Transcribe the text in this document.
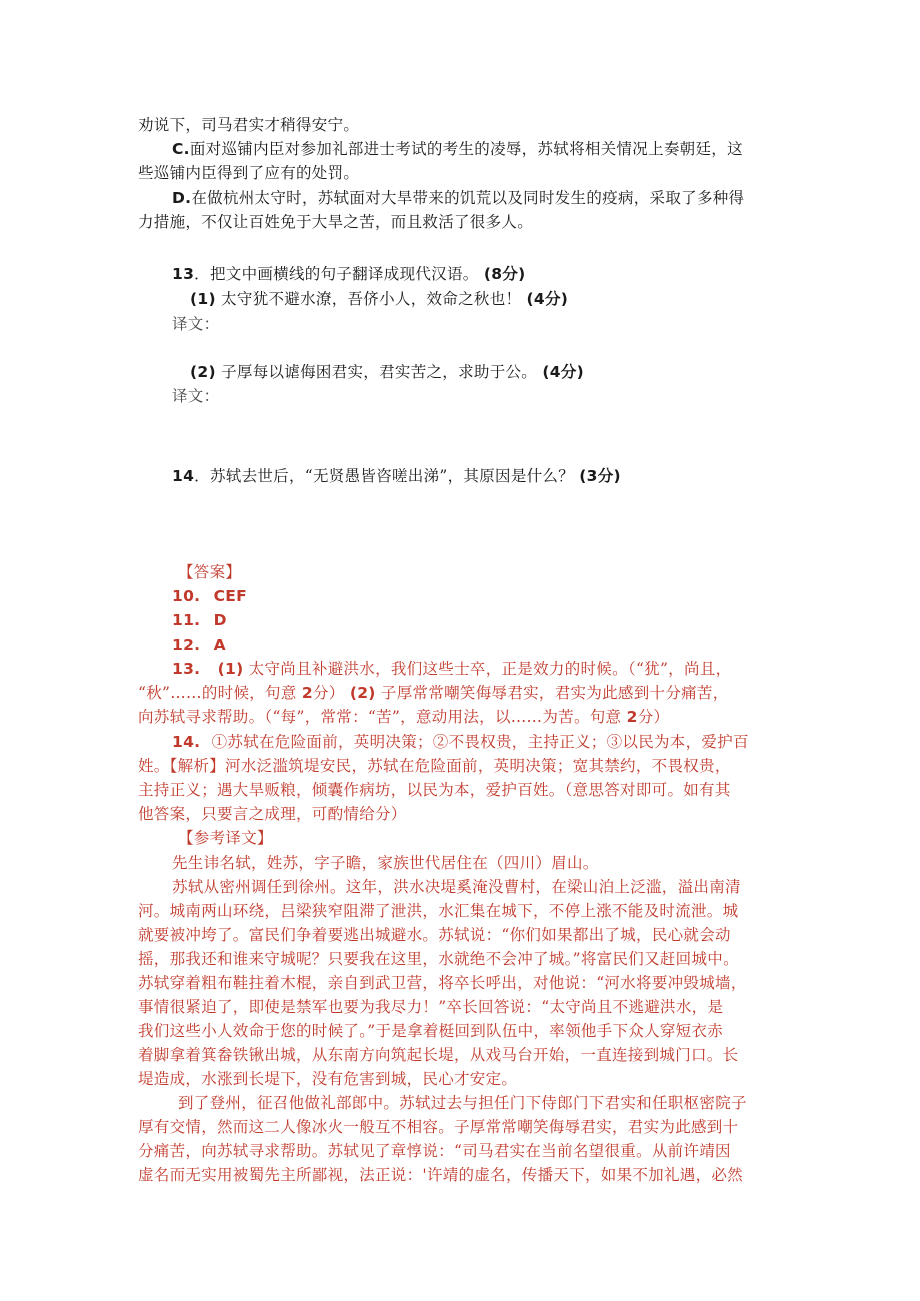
劝说下，司马君实才稍得安宁。
C.面对巡铺内臣对参加礼部进士考试的考生的凌辱，苏轼将相关情况上奏朝廷，这
些巡铺内臣得到了应有的处罚。
D.在做杭州太守时，苏轼面对大旱带来的饥荒以及同时发生的疫病，采取了多种得
力措施，不仅让百姓免于大旱之苦，而且救活了很多人。
13．把文中画横线的句子翻译成现代汉语。 (8分)
(1) 太守犹不避水潦，吾侪小人，效命之秋也！ (4分)
译文：
(2) 子厚每以谑侮困君实，君实苦之，求助于公。 (4分)
译文：
14．苏轼去世后，“无贤愚皆咨嗟出涕”，其原因是什么？ (3分)
【答案】
10. CEF
11. D
12. A
13. (1) 太守尚且补避洪水，我们这些士卒，正是效力的时候。（“犹”，尚且，
“秋”……的时候，句意 2分） (2) 子厚常常嘲笑侮辱君实，君实为此感到十分痛苦，
向苏轼寻求帮助。（“每”，常常：“苦”，意动用法，以……为苦。句意 2分）
14. ①苏轼在危险面前，英明决策；②不畏权贵，主持正义；③以民为本，爱护百
姓。【解析】河水泛滥筑堤安民，苏轼在危险面前，英明决策；宽其禁约，不畏权贵，
主持正义；遇大旱贩粮，倾囊作病坊，以民为本，爱护百姓。（意思答对即可。如有其
他答案，只要言之成理，可酌情给分）
【参考译文】
先生讳名轼，姓苏，字子瞻，家族世代居住在（四川）眉山。
苏轼从密州调任到徐州。这年，洪水决堤奚淹没曹村，在梁山泊上泛滥，溢出南清
河。城南两山环绕，吕梁狭窄阻滞了泄洪，水汇集在城下，不停上涨不能及时流泄。城
就要被冲垮了。富民们争着要逃出城避水。苏轼说：“你们如果都出了城，民心就会动
摇，那我还和谁来守城呢？只要我在这里，水就绝不会冲了城。”将富民们又赶回城中。
苏轼穿着粗布鞋拄着木棍，亲自到武卫营，将卒长呼出，对他说：“河水将要冲毁城墙，
事情很紧迫了，即使是禁军也要为我尽力！”卒长回答说：“太守尚且不逃避洪水，是
我们这些小人效命于您的时候了。”于是拿着梃回到队伍中，率领他手下众人穿短衣赤
着脚拿着箕畚铁锹出城，从东南方向筑起长堤，从戏马台开始，一直连接到城门口。长
堤造成，水涨到长堤下，没有危害到城，民心才安定。
到了登州，征召他做礼部郎中。苏轼过去与担任门下侍郎门下君实和任职枢密院子
厚有交情，然而这二人像冰火一般互不相容。子厚常常嘲笑侮辱君实，君实为此感到十
分痛苦，向苏轼寻求帮助。苏轼见了章惇说：“司马君实在当前名望很重。从前许靖因
虚名而无实用被蜀先主所鄙视，法正说：'许靖的虚名，传播天下，如果不加礼遇，必然
